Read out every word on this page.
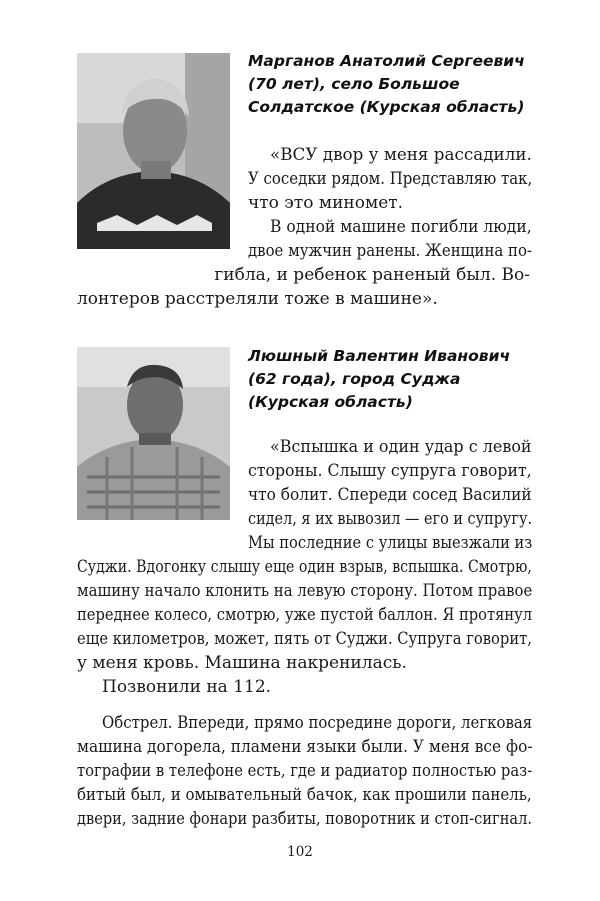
Марганов Анатолий Сергеевич
(70 лет), село Большое
Солдатское (Курская область)
«ВСУ двор у меня рассадили.
У соседки рядом. Представляю так,
что это миномет.
В одной машине погибли люди,
двое мужчин ранены. Женщина по-
гибла, и ребенок раненый был. Во-
лонтеров расстреляли тоже в машине».
Люшный Валентин Иванович
(62 года), город Суджа
(Курская область)
«Вспышка и один удар с левой
стороны. Слышу супруга говорит,
что болит. Спереди сосед Василий
сидел, я их вывозил — его и супругу.
Мы последние с улицы выезжали из
Суджи. Вдогонку слышу еще один взрыв, вспышка. Смотрю,
машину начало клонить на левую сторону. Потом правое
переднее колесо, смотрю, уже пустой баллон. Я протянул
еще километров, может, пять от Суджи. Супруга говорит,
у меня кровь. Машина накренилась.
Позвонили на 112.
Обстрел. Впереди, прямо посредине дороги, легковая
машина догорела, пламени языки были. У меня все фо-
тографии в телефоне есть, где и радиатор полностью раз-
битый был, и омывательный бачок, как прошили панель,
двери, задние фонари разбиты, поворотник и стоп-сигнал.
102
